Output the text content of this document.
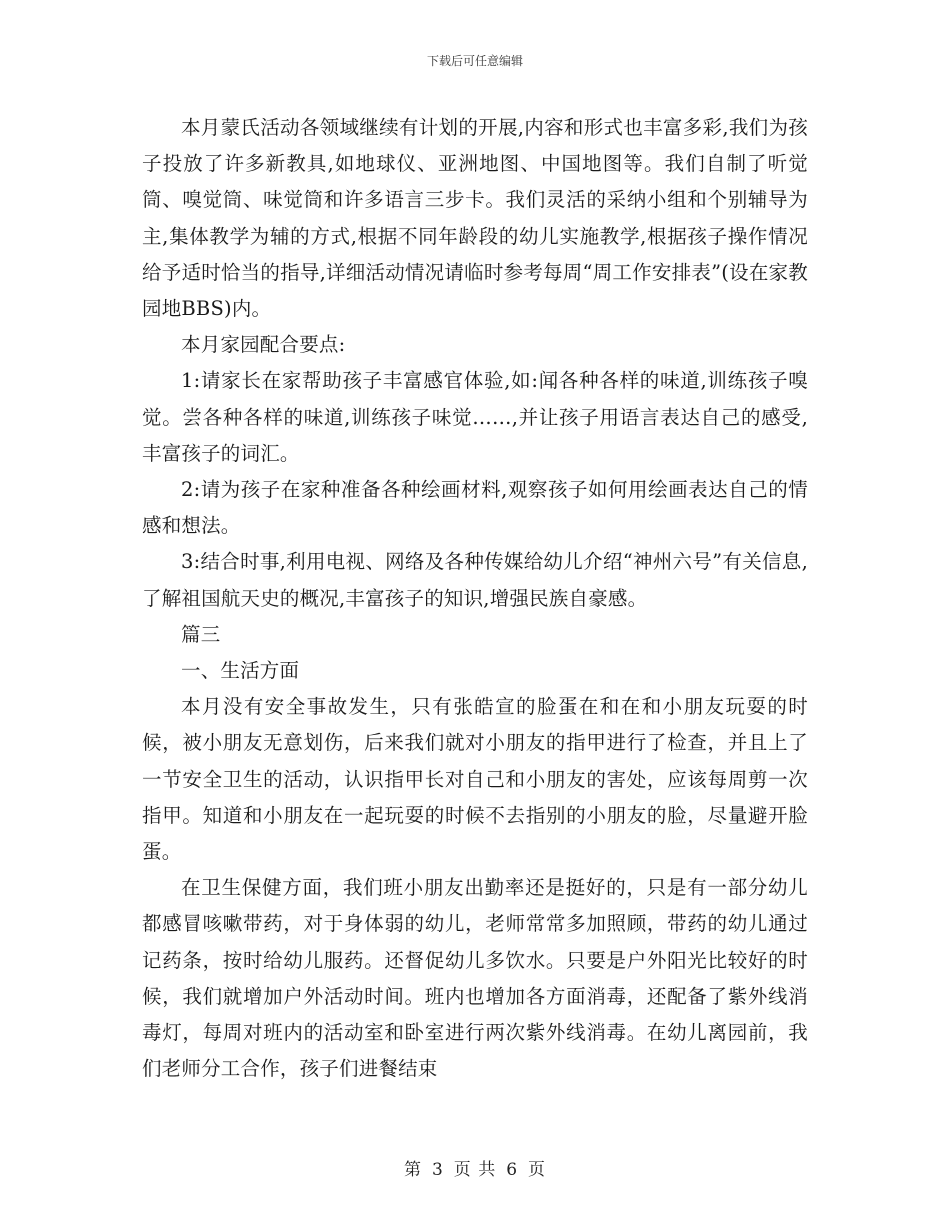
下载后可任意编辑

本月蒙氏活动各领域继续有计划的开展,内容和形式也丰富多彩,我们为孩子投放了许多新教具,如地球仪、亚洲地图、中国地图等。我们自制了听觉筒、嗅觉筒、味觉筒和许多语言三步卡。我们灵活的采纳小组和个别辅导为主,集体教学为辅的方式,根据不同年龄段的幼儿实施教学,根据孩子操作情况给予适时恰当的指导,详细活动情况请临时参考每周“周工作安排表”(设在家教园地BBS)内。

本月家园配合要点:

1:请家长在家帮助孩子丰富感官体验,如:闻各种各样的味道,训练孩子嗅觉。尝各种各样的味道,训练孩子味觉……,并让孩子用语言表达自己的感受,丰富孩子的词汇。

2:请为孩子在家种准备各种绘画材料,观察孩子如何用绘画表达自己的情感和想法。

3:结合时事,利用电视、网络及各种传媒给幼儿介绍“神州六号”有关信息,了解祖国航天史的概况,丰富孩子的知识,增强民族自豪感。

篇三

一、生活方面

本月没有安全事故发生，只有张皓宣的脸蛋在和在和小朋友玩耍的时候，被小朋友无意划伤，后来我们就对小朋友的指甲进行了检查，并且上了一节安全卫生的活动，认识指甲长对自己和小朋友的害处，应该每周剪一次指甲。知道和小朋友在一起玩耍的时候不去指别的小朋友的脸，尽量避开脸蛋。

在卫生保健方面，我们班小朋友出勤率还是挺好的，只是有一部分幼儿都感冒咳嗽带药，对于身体弱的幼儿，老师常常多加照顾，带药的幼儿通过记药条，按时给幼儿服药。还督促幼儿多饮水。只要是户外阳光比较好的时候，我们就增加户外活动时间。班内也增加各方面消毒，还配备了紫外线消毒灯，每周对班内的活动室和卧室进行两次紫外线消毒。在幼儿离园前，我们老师分工合作，孩子们进餐结束

第 3 页 共 6 页
